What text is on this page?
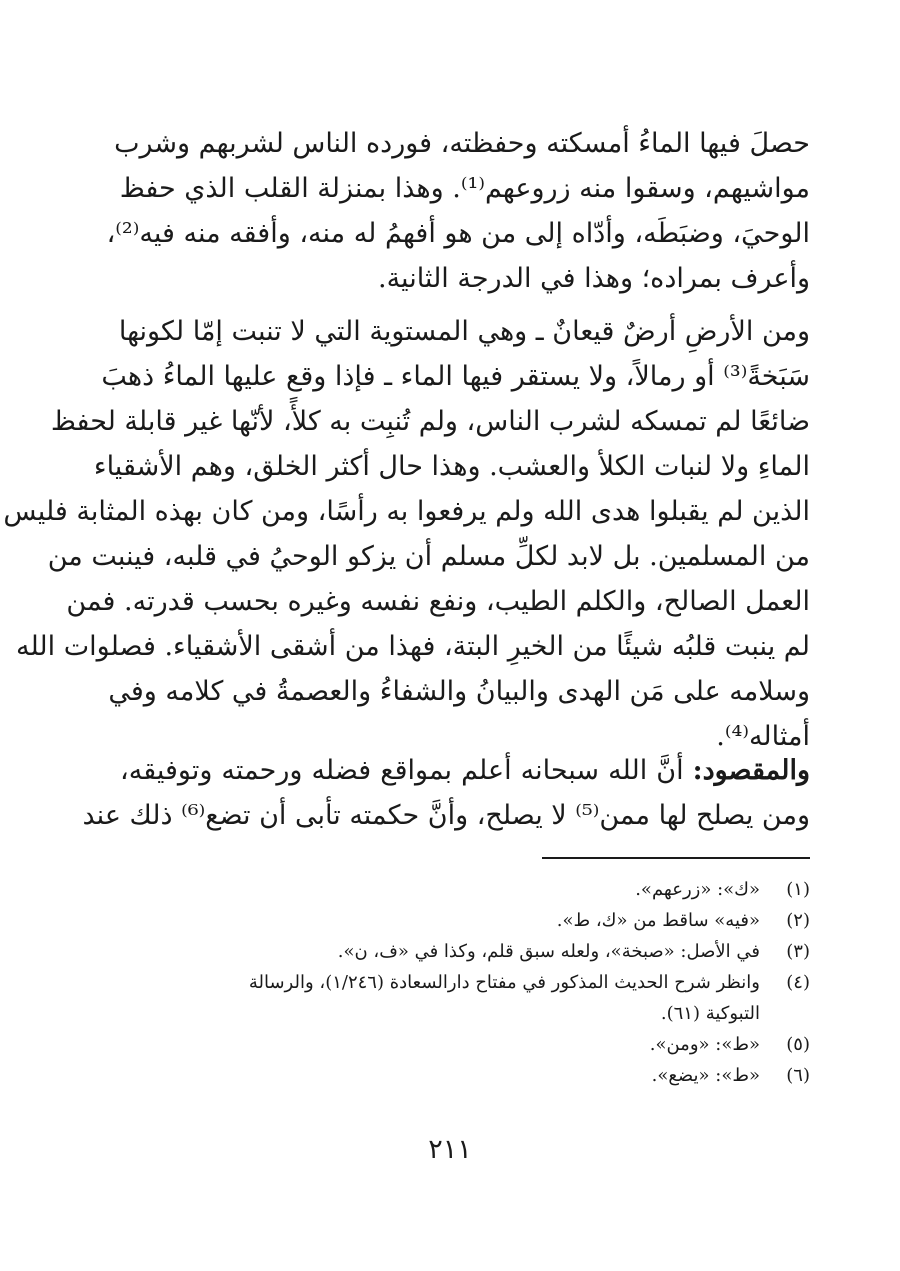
حصلَ فيها الماءُ أمسكته وحفظته، فورده الناس لشربهم وشرب
مواشيهم، وسقوا منه زروعهم⁽¹⁾. وهذا بمنزلة القلب الذي حفظ
الوحيَ، وضبَطَه، وأدّاه إلى من هو أفهمُ له منه، وأفقه منه فيه⁽²⁾،
وأعرف بمراده؛ وهذا في الدرجة الثانية.
ومن الأرضِ أرضٌ قيعانٌ ـ وهي المستوية التي لا تنبت إمّا لكونها
سَبَخةً⁽³⁾ أو رمالاً، ولا يستقر فيها الماء ـ فإذا وقع عليها الماءُ ذهبَ
ضائعًا لم تمسكه لشرب الناس، ولم تُنبِت به كلأً، لأنّها غير قابلة لحفظ
الماءِ ولا لنبات الكلأ والعشب. وهذا حال أكثر الخلق، وهم الأشقياء
الذين لم يقبلوا هدى الله ولم يرفعوا به رأسًا، ومن كان بهذه المثابة فليس
من المسلمين. بل لابد لكلِّ مسلم أن يزكو الوحيُ في قلبه، فينبت من
العمل الصالح، والكلم الطيب، ونفع نفسه وغيره بحسب قدرته. فمن
لم ينبت قلبُه شيئًا من الخيرِ البتة، فهذا من أشقى الأشقياء. فصلوات الله
وسلامه على مَن الهدى والبيانُ والشفاءُ والعصمةُ في كلامه وفي
أمثاله⁽⁴⁾.
والمقصود: أنَّ الله سبحانه أعلم بمواقع فضله ورحمته وتوفيقه،
ومن يصلح لها ممن⁽⁵⁾ لا يصلح، وأنَّ حكمته تأبى أن تضع⁽⁶⁾ ذلك عند
(١)
«ك»: «زرعهم».
(٢)
«فيه» ساقط من «ك، ط».
(٣)
في الأصل: «صبخة»، ولعله سبق قلم، وكذا في «ف، ن».
(٤)
وانظر شرح الحديث المذكور في مفتاح دارالسعادة (١/٢٤٦)، والرسالة
التبوكية (٦١).
(٥)
«ط»: «ومن».
(٦)
«ط»: «يضع».
٢١١
